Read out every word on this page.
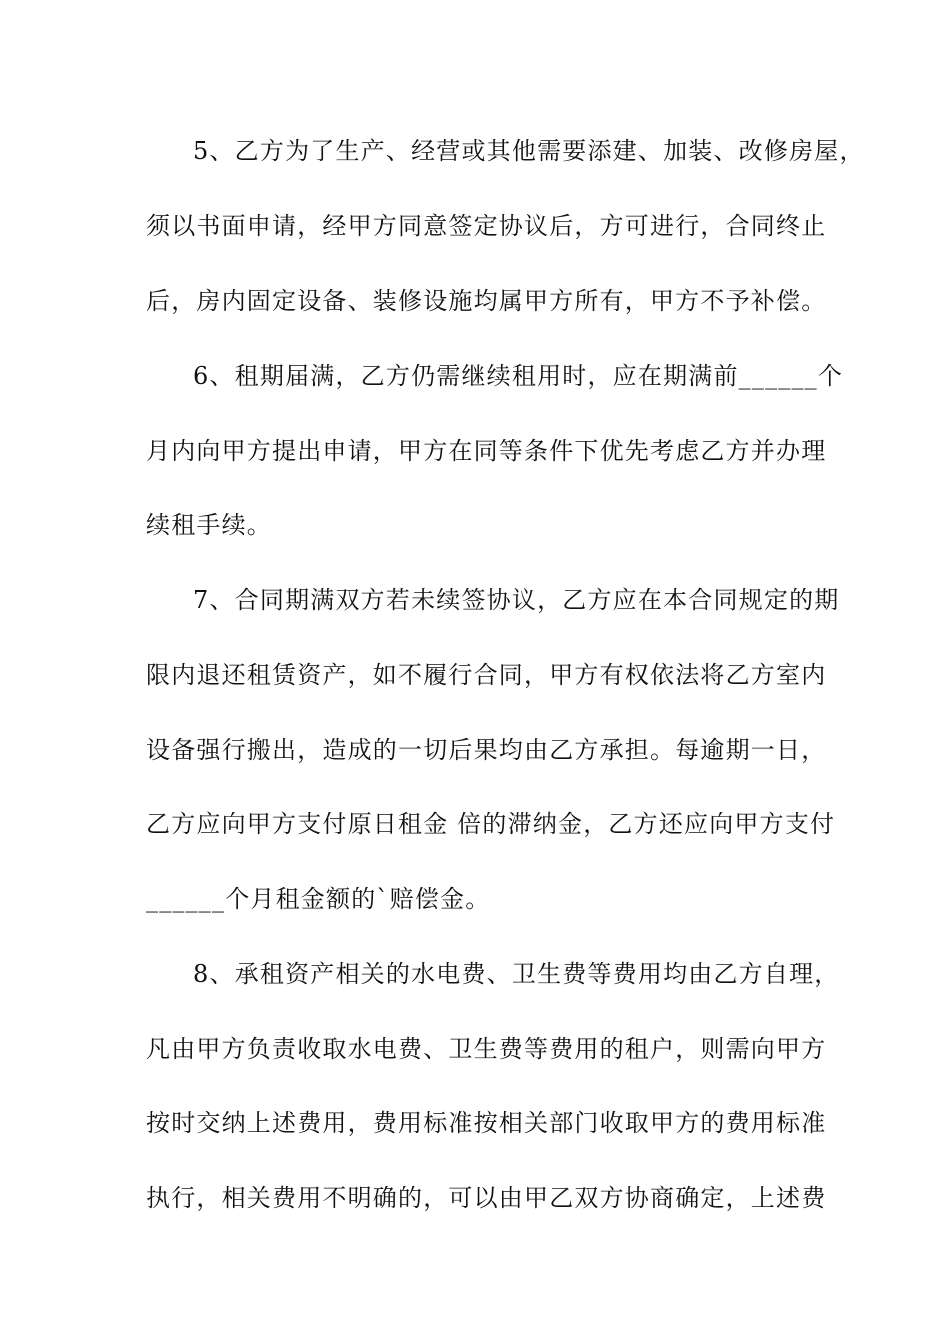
5、乙方为了生产、经营或其他需要添建、加装、改修房屋，
须以书面申请，经甲方同意签定协议后，方可进行，合同终止
后，房内固定设备、装修设施均属甲方所有，甲方不予补偿。
6、租期届满，乙方仍需继续租用时，应在期满前______个
月内向甲方提出申请，甲方在同等条件下优先考虑乙方并办理
续租手续。
7、合同期满双方若未续签协议，乙方应在本合同规定的期
限内退还租赁资产，如不履行合同，甲方有权依法将乙方室内
设备强行搬出，造成的一切后果均由乙方承担。每逾期一日，
乙方应向甲方支付原日租金 倍的滞纳金，乙方还应向甲方支付
______个月租金额的`赔偿金。
8、承租资产相关的水电费、卫生费等费用均由乙方自理，
凡由甲方负责收取水电费、卫生费等费用的租户，则需向甲方
按时交纳上述费用，费用标准按相关部门收取甲方的费用标准
执行，相关费用不明确的，可以由甲乙双方协商确定，上述费
